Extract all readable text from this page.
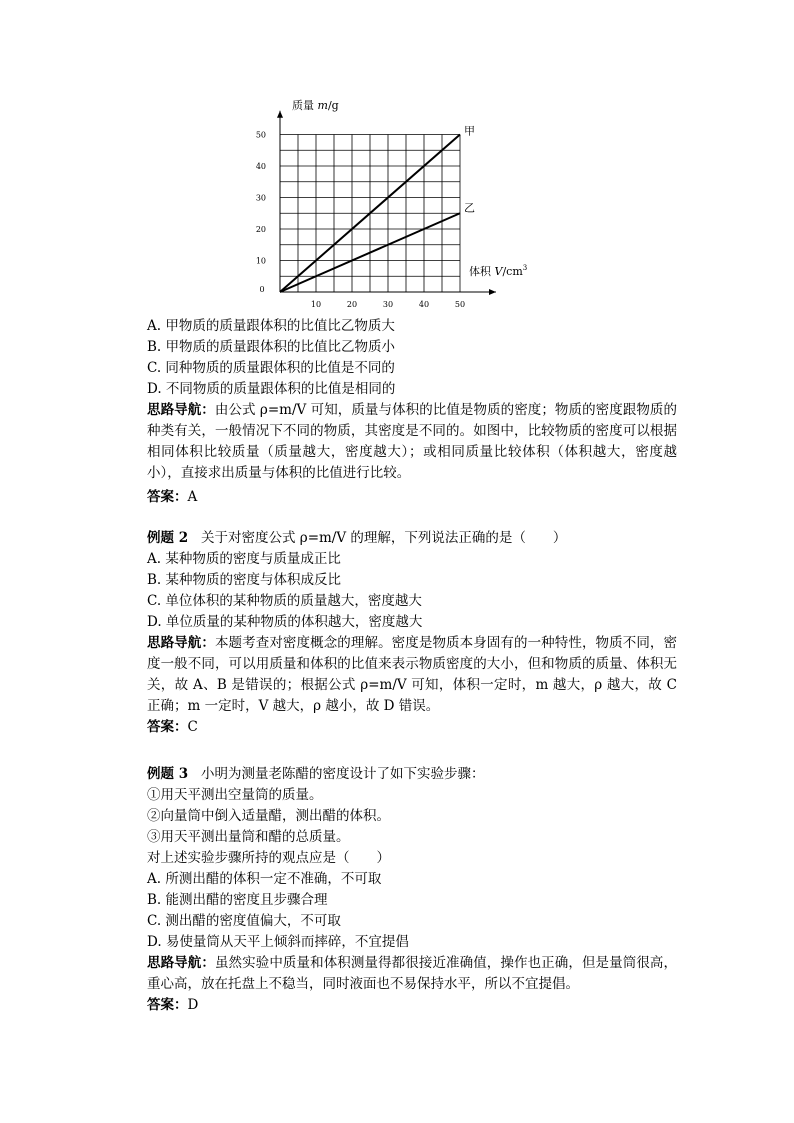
10	20	30	40	50
10
20
30
40
50
0
甲
乙
质量 m/g
体积 $V/cm^3$

A. 甲物质的质量跟体积的比值比乙物质大

B. 甲物质的质量跟体积的比值比乙物质小

C. 同种物质的质量跟体积的比值是不同的

D. 不同物质的质量跟体积的比值是相同的

思路导航：由公式 ρ=m/V 可知，质量与体积的比值是物质的密度；物质的密度跟物质的种类有关，一般情况下不同的物质，其密度是不同的。如图中，比较物质的密度可以根据相同体积比较质量（质量越大，密度越大）；或相同质量比较体积（体积越大，密度越小），直接求出质量与体积的比值进行比较。

答案：A

例题 2 关于对密度公式 ρ=m/V 的理解，下列说法正确的是（　　）

A. 某种物质的密度与质量成正比

B. 某种物质的密度与体积成反比

C. 单位体积的某种物质的质量越大，密度越大

D. 单位质量的某种物质的体积越大，密度越大

思路导航：本题考查对密度概念的理解。密度是物质本身固有的一种特性，物质不同，密度一般不同，可以用质量和体积的比值来表示物质密度的大小，但和物质的质量、体积无关，故 A、B 是错误的；根据公式 ρ=m/V 可知，体积一定时，m 越大，ρ 越大，故 C 正确；m 一定时，V 越大，ρ 越小，故 D 错误。

答案：C

例题 3 小明为测量老陈醋的密度设计了如下实验步骤：

①用天平测出空量筒的质量。

②向量筒中倒入适量醋，测出醋的体积。

③用天平测出量筒和醋的总质量。

对上述实验步骤所持的观点应是（　　）

A. 所测出醋的体积一定不准确，不可取

B. 能测出醋的密度且步骤合理

C. 测出醋的密度值偏大，不可取

D. 易使量筒从天平上倾斜而摔碎，不宜提倡

思路导航：虽然实验中质量和体积测量得都很接近准确值，操作也正确，但是量筒很高，重心高，放在托盘上不稳当，同时液面也不易保持水平，所以不宜提倡。

答案：D
